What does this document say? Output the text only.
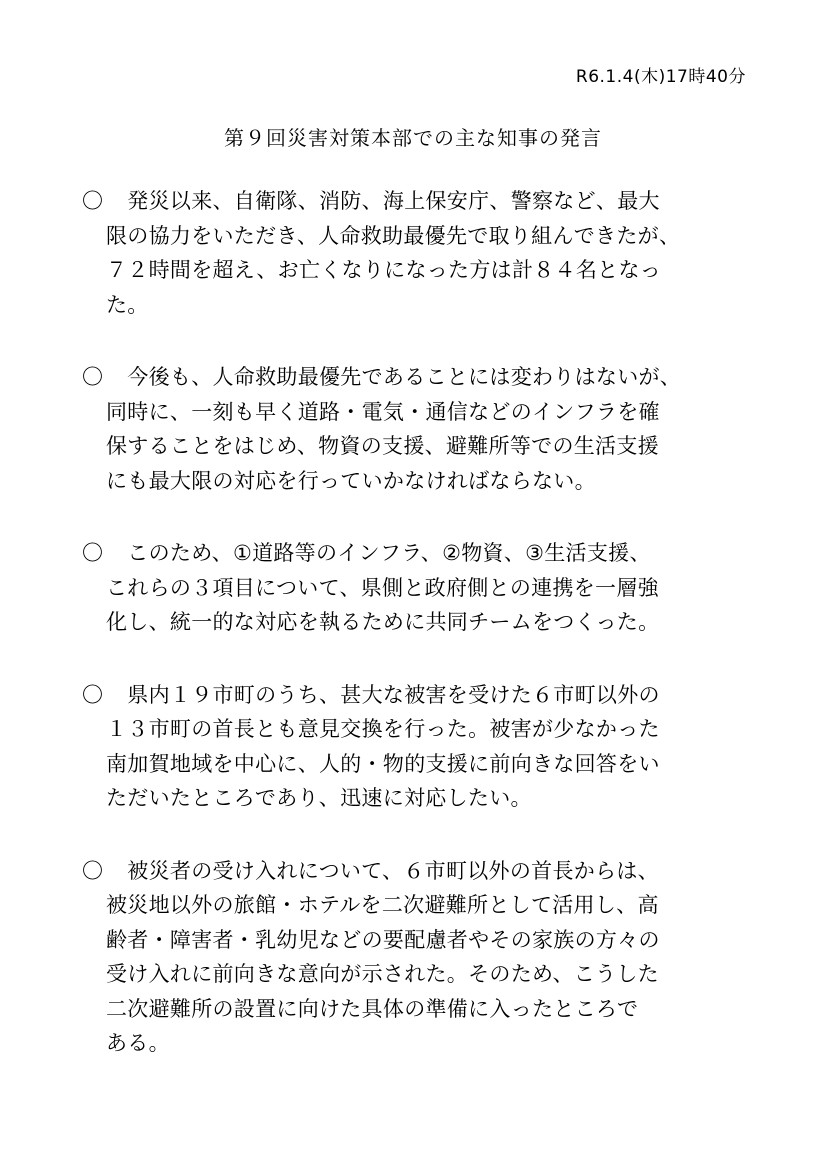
R6.1.4(木)17時40分
第９回災害対策本部での主な知事の発言
〇	　発災以来、自衛隊、消防、海上保安庁、警察など、最大
限の協力をいただき、人命救助最優先で取り組んできたが、
７２時間を超え、お亡くなりになった方は計８４名となっ
た。
〇	　今後も、人命救助最優先であることには変わりはないが、
同時に、一刻も早く道路・電気・通信などのインフラを確
保することをはじめ、物資の支援、避難所等での生活支援
にも最大限の対応を行っていかなければならない。
〇	　このため、①道路等のインフラ、②物資、③生活支援、
これらの３項目について、県側と政府側との連携を一層強
化し、統一的な対応を執るために共同チームをつくった。
〇	　県内１９市町のうち、甚大な被害を受けた６市町以外の
１３市町の首長とも意見交換を行った。被害が少なかった
南加賀地域を中心に、人的・物的支援に前向きな回答をい
ただいたところであり、迅速に対応したい。
〇	　被災者の受け入れについて、６市町以外の首長からは、
被災地以外の旅館・ホテルを二次避難所として活用し、高
齢者・障害者・乳幼児などの要配慮者やその家族の方々の
受け入れに前向きな意向が示された。そのため、こうした
二次避難所の設置に向けた具体の準備に入ったところで
ある。
